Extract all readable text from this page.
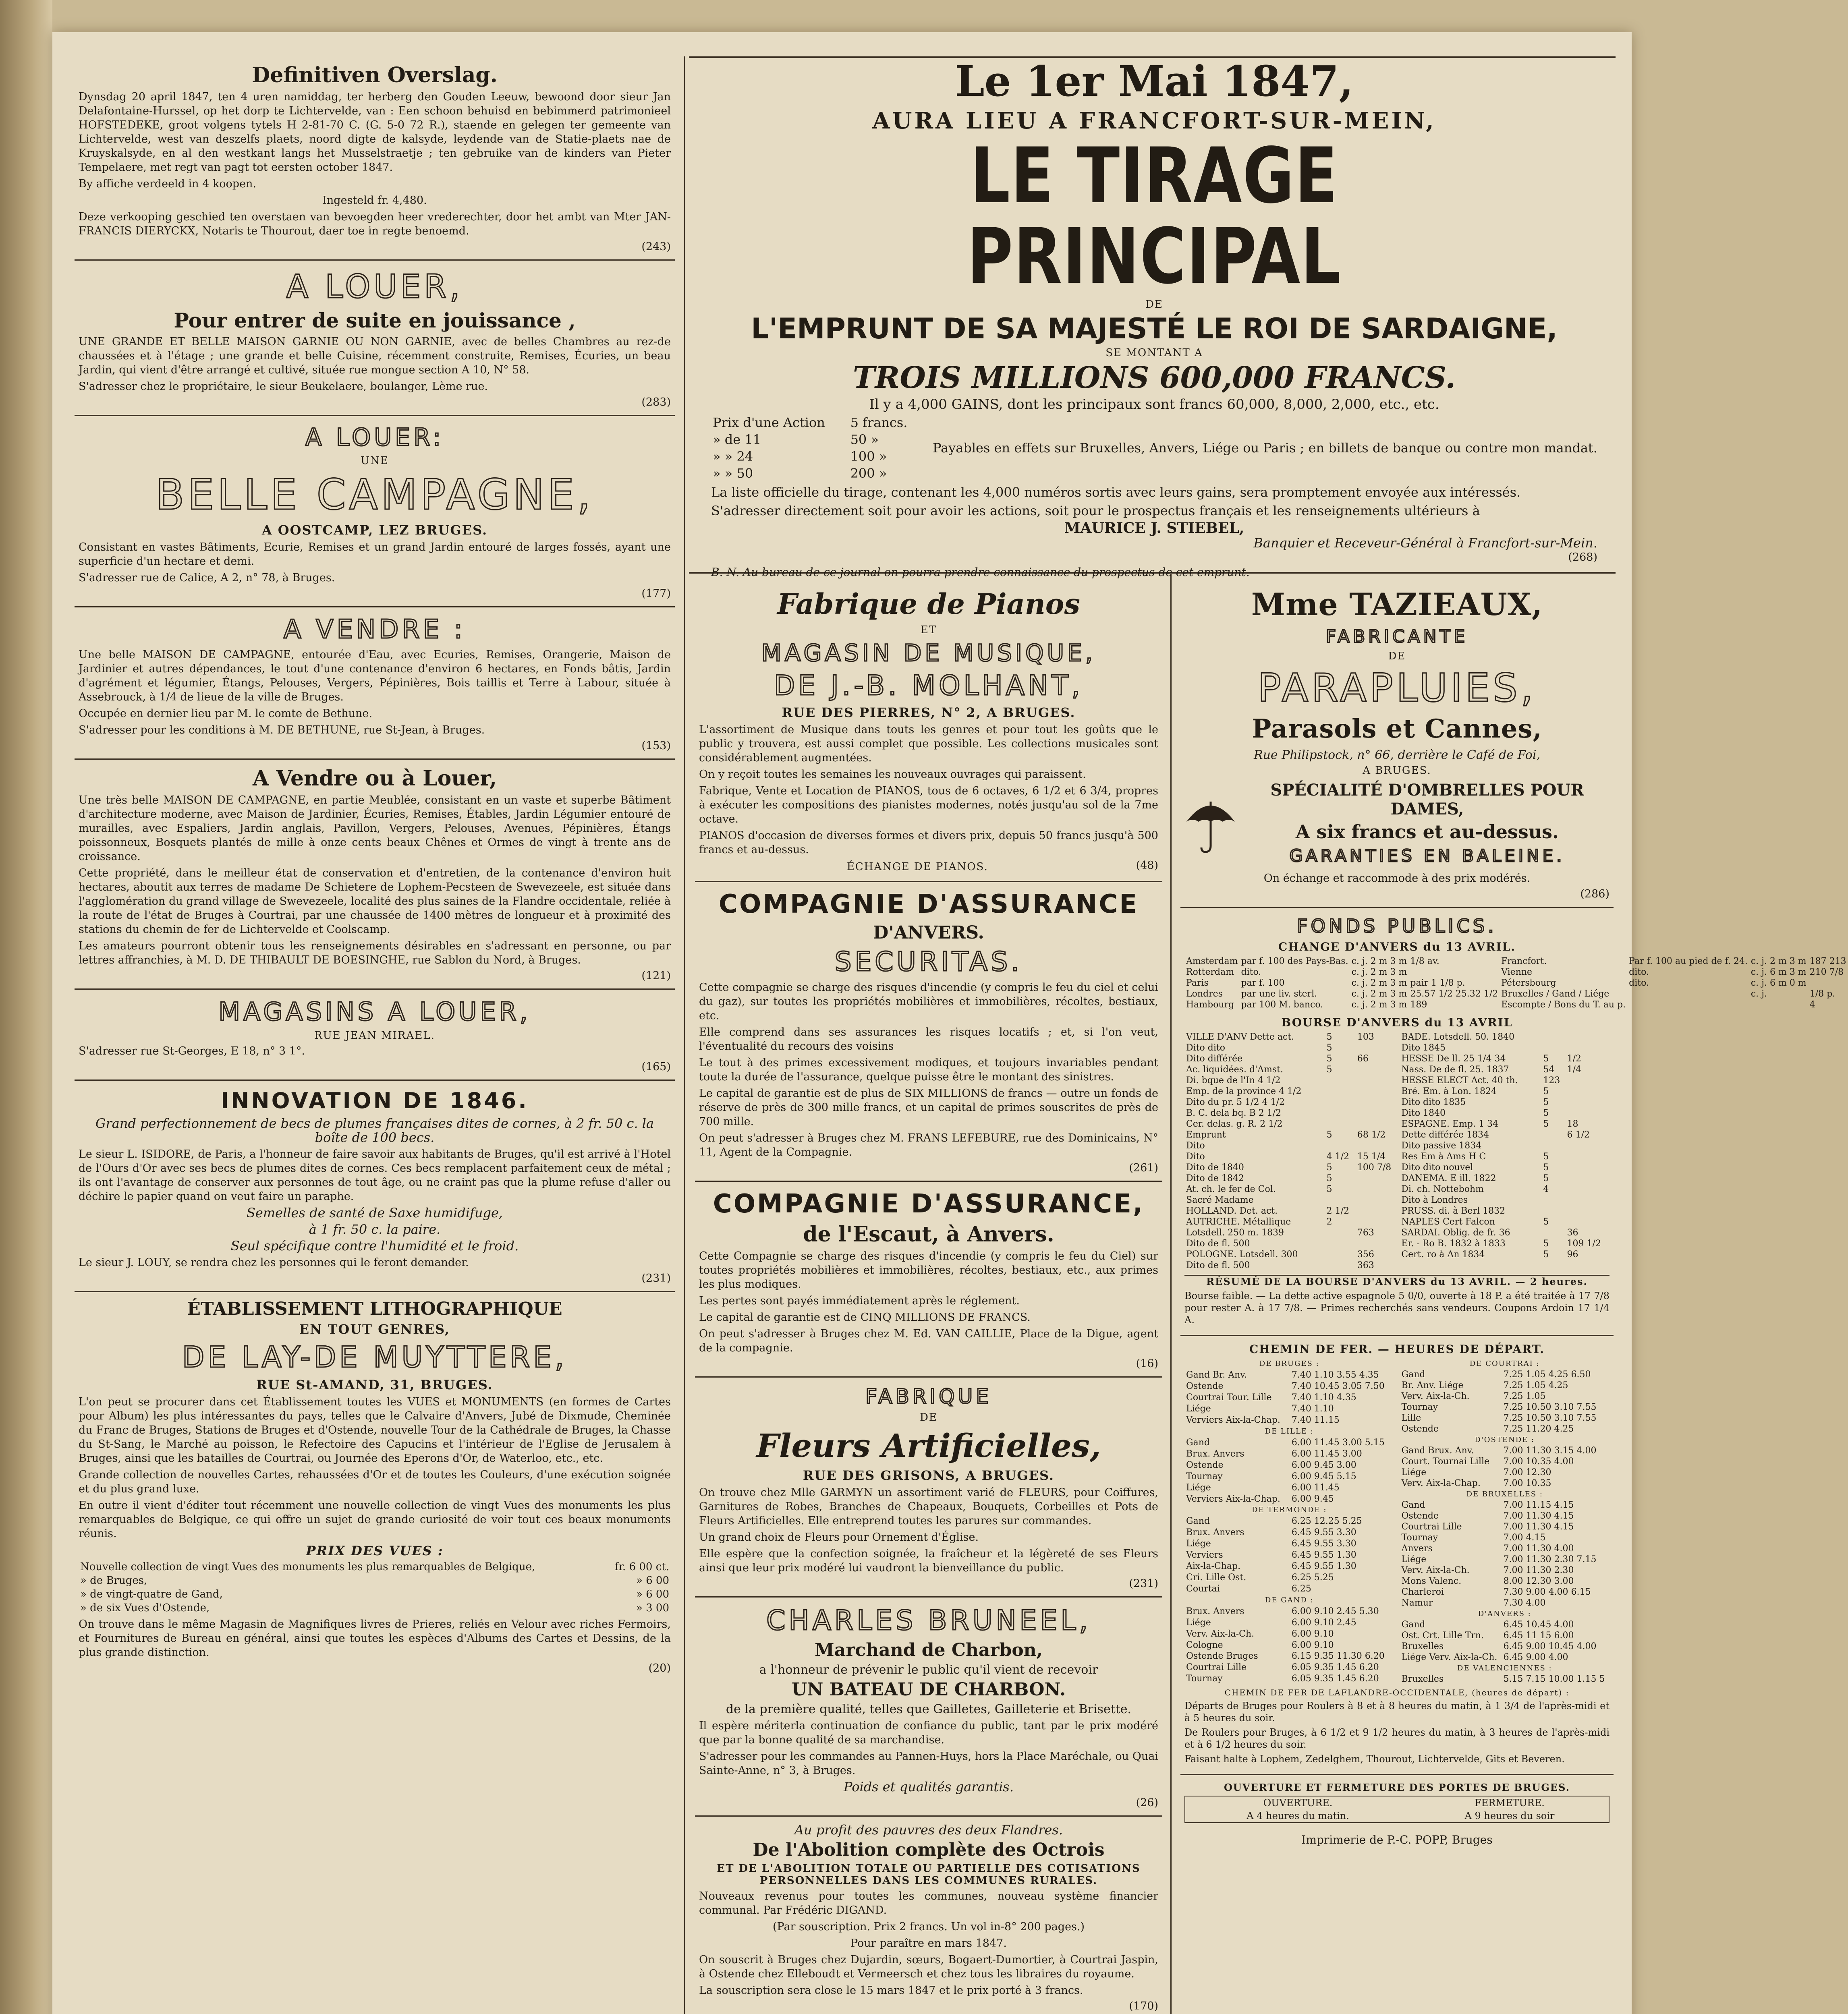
Definitiven Overslag.

Dynsdag 20 april 1847, ten 4 uren namiddag, ter herberg den Gouden Leeuw, bewoond door sieur Jan Delafontaine-Hurssel, op het dorp te Lichtervelde, van : Een schoon behuisd en bebimmerd patrimonieel HOFSTEDEKE, groot volgens tytels H 2-81-70 C. (G. 5-0 72 R.), staende en gelegen ter gemeente van Lichtervelde, west van deszelfs plaets, noord digte de kalsyde, leydende van de Statie-plaets nae de Kruyskalsyde, en al den westkant langs het Musselstraetje ; ten gebruike van de kinders van Pieter Tempelaere, met regt van pagt tot eersten october 1847.

By affiche verdeeld in 4 koopen.

Ingesteld fr. 4,480.

Deze verkooping geschied ten overstaen van bevoegden heer vrederechter, door het ambt van Mter JAN-FRANCIS DIERYCKX, Notaris te Thourout, daer toe in regte benoemd.

(243)
A LOUER,
Pour entrer de suite en jouissance ,

UNE GRANDE ET BELLE MAISON GARNIE OU NON GARNIE, avec de belles Chambres au rez-de chaussées et à l'étage ; une grande et belle Cuisine, récemment construite, Remises, Écuries, un beau Jardin, qui vient d'être arrangé et cultivé, située rue mongue section A 10, N° 58.

S'adresser chez le propriétaire, le sieur Beukelaere, boulanger, Lème rue.

(283)
A LOUER:
UNE
BELLE CAMPAGNE,
A OOSTCAMP, LEZ BRUGES.

Consistant en vastes Bâtiments, Ecurie, Remises et un grand Jardin entouré de larges fossés, ayant une superficie d'un hectare et demi.

S'adresser rue de Calice, A 2, n° 78, à Bruges.

(177)
A VENDRE :

Une belle MAISON DE CAMPAGNE, entourée d'Eau, avec Ecuries, Remises, Orangerie, Maison de Jardinier et autres dépendances, le tout d'une contenance d'environ 6 hectares, en Fonds bâtis, Jardin d'agrément et légumier, Étangs, Pelouses, Vergers, Pépinières, Bois taillis et Terre à Labour, située à Assebrouck, à 1/4 de lieue de la ville de Bruges.

Occupée en dernier lieu par M. le comte de Bethune.

S'adresser pour les conditions à M. DE BETHUNE, rue St-Jean, à Bruges.

(153)
A Vendre ou à Louer,

Une très belle MAISON DE CAMPAGNE, en partie Meublée, consistant en un vaste et superbe Bâtiment d'architecture moderne, avec Maison de Jardinier, Écuries, Remises, Étables, Jardin Légumier entouré de murailles, avec Espaliers, Jardin anglais, Pavillon, Vergers, Pelouses, Avenues, Pépinières, Étangs poissonneux, Bosquets plantés de mille à onze cents beaux Chênes et Ormes de vingt à trente ans de croissance.

Cette propriété, dans le meilleur état de conservation et d'entretien, de la contenance d'environ huit hectares, aboutit aux terres de madame De Schietere de Lophem-Pecsteen de Swevezeele, est située dans l'agglomération du grand village de Swevezeele, localité des plus saines de la Flandre occidentale, reliée à la route de l'état de Bruges à Courtrai, par une chaussée de 1400 mètres de longueur et à proximité des stations du chemin de fer de Lichtervelde et Coolscamp.

Les amateurs pourront obtenir tous les renseignements désirables en s'adressant en personne, ou par lettres affranchies, à M. D. DE THIBAULT DE BOESINGHE, rue Sablon du Nord, à Bruges.

(121)
MAGASINS A LOUER,
RUE JEAN MIRAEL.

S'adresser rue St-Georges, E 18, n° 3 1°.

(165)
INNOVATION DE 1846.

Grand perfectionnement de becs de plumes françaises dites de cornes, à 2 fr. 50 c. la boîte de 100 becs.

Le sieur L. ISIDORE, de Paris, a l'honneur de faire savoir aux habitants de Bruges, qu'il est arrivé à l'Hotel de l'Ours d'Or avec ses becs de plumes dites de cornes. Ces becs remplacent parfaitement ceux de métal ; ils ont l'avantage de conserver aux personnes de tout âge, ou ne craint pas que la plume refuse d'aller ou déchire le papier quand on veut faire un paraphe.

Semelles de santé de Saxe humidifuge,

à 1 fr. 50 c. la paire.

Seul spécifique contre l'humidité et le froid.

Le sieur J. LOUY, se rendra chez les personnes qui le feront demander.

(231)
ÉTABLISSEMENT LITHOGRAPHIQUE
EN TOUT GENRES,
DE LAY-DE MUYTTERE,
RUE St-AMAND, 31, BRUGES.

L'on peut se procurer dans cet Établissement toutes les VUES et MONUMENTS (en formes de Cartes pour Album) les plus intéressantes du pays, telles que le Calvaire d'Anvers, Jubé de Dixmude, Cheminée du Franc de Bruges, Stations de Bruges et d'Ostende, nouvelle Tour de la Cathédrale de Bruges, la Chasse du St-Sang, le Marché au poisson, le Refectoire des Capucins et l'intérieur de l'Eglise de Jerusalem à Bruges, ainsi que les batailles de Courtrai, ou Journée des Eperons d'Or, de Waterloo, etc., etc.

Grande collection de nouvelles Cartes, rehaussées d'Or et de toutes les Couleurs, d'une exécution soignée et du plus grand luxe.

En outre il vient d'éditer tout récemment une nouvelle collection de vingt Vues des monuments les plus remarquables de Belgique, ce qui offre un sujet de grande curiosité de voir tout ces beaux monuments réunis.

PRIX DES VUES :
Nouvelle collection de vingt Vues des monuments les plus remarquables de Belgique,	fr. 6 00 ct.
» de Bruges,	» 6 00
» de vingt-quatre de Gand,	» 6 00
» de six Vues d'Ostende,	» 3 00

On trouve dans le même Magasin de Magnifiques livres de Prieres, reliés en Velour avec riches Fermoirs, et Fournitures de Bureau en général, ainsi que toutes les espèces d'Albums des Cartes et Dessins, de la plus grande distinction.

(20)
Le 1er Mai 1847,
AURA LIEU A FRANCFORT-SUR-MEIN,
LE TIRAGE PRINCIPAL
DE
L'EMPRUNT DE SA MAJESTÉ LE ROI DE SARDAIGNE,
SE MONTANT A
TROIS MILLIONS 600,000 FRANCS.

Il y a 4,000 GAINS, dont les principaux sont francs 60,000, 8,000, 2,000, etc., etc.

Prix d'une Action	5 francs.
» de 11	50 »
» » 24	100 »
» » 50	200 »

Payables en effets sur Bruxelles, Anvers, Liége ou Paris ; en billets de banque ou contre mon mandat.

La liste officielle du tirage, contenant les 4,000 numéros sortis avec leurs gains, sera promptement envoyée aux intéressés.

S'adresser directement soit pour avoir les actions, soit pour le prospectus français et les renseignements ultérieurs à

MAURICE J. STIEBEL,

Banquier et Receveur-Général à Francfort-sur-Mein.

(268)

B. N. Au bureau de ce journal on pourra prendre connaissance du prospectus de cet emprunt.

Fabrique de Pianos
ET
MAGASIN DE MUSIQUE,
DE J.-B. MOLHANT,
RUE DES PIERRES, N° 2, A BRUGES.

L'assortiment de Musique dans touts les genres et pour tout les goûts que le public y trouvera, est aussi complet que possible. Les collections musicales sont considérablement augmentées.

On y reçoit toutes les semaines les nouveaux ouvrages qui paraissent.

Fabrique, Vente et Location de PIANOS, tous de 6 octaves, 6 1/2 et 6 3/4, propres à exécuter les compositions des pianistes modernes, notés jusqu'au sol de la 7me octave.

PIANOS d'occasion de diverses formes et divers prix, depuis 50 francs jusqu'à 500 francs et au-dessus.

ÉCHANGE DE PIANOS.	(48)
COMPAGNIE D'ASSURANCE
D'ANVERS.
SECURITAS.

Cette compagnie se charge des risques d'incendie (y compris le feu du ciel et celui du gaz), sur toutes les propriétés mobilières et immobilières, récoltes, bestiaux, etc.

Elle comprend dans ses assurances les risques locatifs ; et, si l'on veut, l'éventualité du recours des voisins

Le tout à des primes excessivement modiques, et toujours invariables pendant toute la durée de l'assurance, quelque puisse être le montant des sinistres.

Le capital de garantie est de plus de SIX MILLIONS de francs — outre un fonds de réserve de près de 300 mille francs, et un capital de primes souscrites de près de 700 mille.

On peut s'adresser à Bruges chez M. FRANS LEFEBURE, rue des Dominicains, N° 11, Agent de la Compagnie.

(261)
COMPAGNIE D'ASSURANCE,
de l'Escaut, à Anvers.

Cette Compagnie se charge des risques d'incendie (y compris le feu du Ciel) sur toutes propriétés mobilières et immobilières, récoltes, bestiaux, etc., aux primes les plus modiques.

Les pertes sont payés immédiatement après le réglement.

Le capital de garantie est de CINQ MILLIONS DE FRANCS.

On peut s'adresser à Bruges chez M. Ed. VAN CAILLIE, Place de la Digue, agent de la compagnie.

(16)
FABRIQUE
DE
Fleurs Artificielles,
RUE DES GRISONS, A BRUGES.

On trouve chez Mlle GARMYN un assortiment varié de FLEURS, pour Coiffures, Garnitures de Robes, Branches de Chapeaux, Bouquets, Corbeilles et Pots de Fleurs Artificielles. Elle entreprend toutes les parures sur commandes.

Un grand choix de Fleurs pour Ornement d'Église.

Elle espère que la confection soignée, la fraîcheur et la légèreté de ses Fleurs ainsi que leur prix modéré lui vaudront la bienveillance du public.

(231)
CHARLES BRUNEEL,
Marchand de Charbon,

a l'honneur de prévenir le public qu'il vient de recevoir

UN BATEAU DE CHARBON.

de la première qualité, telles que Gailletes, Gailleterie et Brisette.

Il espère mériterla continuation de confiance du public, tant par le prix modéré que par la bonne qualité de sa marchandise.

S'adresser pour les commandes au Pannen-Huys, hors la Place Maréchale, ou Quai Sainte-Anne, n° 3, à Bruges.

Poids et qualités garantis.

(26)

Au profit des pauvres des deux Flandres.

De l'Abolition complète des Octrois
ET DE L'ABOLITION TOTALE OU PARTIELLE DES COTISATIONS PERSONNELLES DANS LES COMMUNES RURALES.

Nouveaux revenus pour toutes les communes, nouveau système financier communal. Par Frédéric DIGAND.

(Par souscription. Prix 2 francs. Un vol in-8° 200 pages.)

Pour paraître en mars 1847.

On souscrit à Bruges chez Dujardin, sœurs, Bogaert-Dumortier, à Courtrai Jaspin, à Ostende chez Elleboudt et Vermeersch et chez tous les libraires du royaume.

La souscription sera close le 15 mars 1847 et le prix porté à 3 francs.

(170)
Mme TAZIEAUX,
FABRICANTE
DE
PARAPLUIES,
Parasols et Cannes,

Rue Philipstock, n° 66, derrière le Café de Foi,

A BRUGES.
SPÉCIALITÉ D'OMBRELLES POUR DAMES,
A six francs et au-dessus.
GARANTIES EN BALEINE.

On échange et raccommode à des prix modérés.

(286)
FONDS PUBLICS.
CHANGE D'ANVERS du 13 AVRIL.
Amsterdam	par f. 100 des Pays-Bas.	c. j. 2 m 3 m	1/8 av.	Francfort.	Par f. 100 au pied de f. 24.	c. j. 2 m 3 m	187 213
Rotterdam	dito.	c. j. 2 m 3 m		Vienne	dito.	c. j. 6 m 3 m	210 7/8
Paris	par f. 100	c. j. 2 m 3 m	pair 1 1/8 p.	Pétersbourg	dito.	c. j. 6 m 0 m	
Londres	par une liv. sterl.	c. j. 2 m 3 m	25.57 1/2 25.32 1/2	Bruxelles / Gand / Liége		c. j.	1/8 p.
Hambourg	par 100 M. banco.	c. j. 2 m 3 m	189	Escompte / Bons du T. au p.			4
BOURSE D'ANVERS du 13 AVRIL
VILLE D'ANV Dette act.	5	103	BADE. Lotsdell. 50. 1840		
Dito dito	5		Dito 1845		
Dito différée	5	66	HESSE De ll. 25 1/4 34	5	1/2
Ac. liquidées. d'Amst.	5		Nass. De de fl. 25. 1837	54	1/4
Di. bque de l'In 4 1/2			HESSE ELECT Act. 40 th.	123	
Emp. de la province 4 1/2			Bré. Em. à Lon. 1824	5	
Dito du pr. 5 1/2 4 1/2			Dito dito 1835	5	
B. C. dela bq. B 2 1/2			Dito 1840	5	
Cer. delas. g. R. 2 1/2			ESPAGNE. Emp. 1 34	5	18
Emprunt	5	68 1/2	Dette différée 1834		6 1/2
Dito			Dito passive 1834		
Dito	4 1/2	15 1/4	Res Em à Ams H C	5	
Dito de 1840	5	100 7/8	Dito dito nouvel	5	
Dito de 1842	5		DANEMA. E ill. 1822	5	
At. ch. le fer de Col.	5		Di. ch. Nottebohm	4	
Sacré Madame			Dito à Londres		
HOLLAND. Det. act.	2 1/2		PRUSS. di. à Berl 1832		
AUTRICHE. Métallique	2		NAPLES Cert Falcon	5	
Lotsdell. 250 m. 1839		763	SARDAI. Oblig. de fr. 36		36
Dito de fl. 500			Er. - Ro B. 1832 à 1833	5	109 1/2
POLOGNE. Lotsdell. 300		356	Cert. ro à An 1834	5	96
Dito de fl. 500		363			
RÉSUMÉ DE LA BOURSE D'ANVERS du 13 AVRIL. — 2 heures.

Bourse faible. — La dette active espagnole 5 0/0, ouverte à 18 P. a été traitée à 17 7/8 pour rester A. à 17 7/8. — Primes recherchés sans vendeurs. Coupons Ardoin 17 1/4 A.

CHEMIN DE FER. — HEURES DE DÉPART.
DE BRUGES :	
Gand Br. Anv.	7.40 1.10 3.55 4.35
Ostende	7.40 10.45 3.05 7.50
Courtrai Tour. Lille	7.40 1.10 4.35
Liége	7.40 1.10
Verviers Aix-la-Chap.	7.40 11.15
DE LILLE :	
Gand	6.00 11.45 3.00 5.15
Brux. Anvers	6.00 11.45 3.00
Ostende	6.00 9.45 3.00
Tournay	6.00 9.45 5.15
Liége	6.00 11.45
Verviers Aix-la-Chap.	6.00 9.45
DE TERMONDE :	
Gand	6.25 12.25 5.25
Brux. Anvers	6.45 9.55 3.30
Liége	6.45 9.55 3.30
Verviers	6.45 9.55 1.30
Aix-la-Chap.	6.45 9.55 1.30
Cri. Lille Ost.	6.25 5.25
Courtai	6.25
DE GAND :	
Brux. Anvers	6.00 9.10 2.45 5.30
Liége	6.00 9.10 2.45
Verv. Aix-la-Ch.	6.00 9.10
Cologne	6.00 9.10
Ostende Bruges	6.15 9.35 11.30 6.20
Courtrai Lille	6.05 9.35 1.45 6.20
Tournay	6.05 9.35 1.45 6.20
DE COURTRAI :	
Gand	7.25 1.05 4.25 6.50
Br. Anv. Liége	7.25 1.05 4.25
Verv. Aix-la-Ch.	7.25 1.05
Tournay	7.25 10.50 3.10 7.55
Lille	7.25 10.50 3.10 7.55
Ostende	7.25 11.20 4.25
D'OSTENDE :	
Gand Brux. Anv.	7.00 11.30 3.15 4.00
Court. Tournai Lille	7.00 10.35 4.00
Liége	7.00 12.30
Verv. Aix-la-Chap.	7.00 10.35
DE BRUXELLES :	
Gand	7.00 11.15 4.15
Ostende	7.00 11.30 4.15
Courtrai Lille	7.00 11.30 4.15
Tournay	7.00 4.15
Anvers	7.00 11.30 4.00
Liége	7.00 11.30 2.30 7.15
Verv. Aix-la-Ch.	7.00 11.30 2.30
Mons Valenc.	8.00 12.30 3.00
Charleroi	7.30 9.00 4.00 6.15
Namur	7.30 4.00
D'ANVERS :	
Gand	6.45 10.45 4.00
Ost. Crt. Lille Trn.	6.45 11 15 6.00
Bruxelles	6.45 9.00 10.45 4.00
Liége Verv. Aix-la-Ch.	6.45 9.00 4.00
DE VALENCIENNES :	
Bruxelles	5.15 7.15 10.00 1.15 5
CHEMIN DE FER DE LAFLANDRE-OCCIDENTALE, (heures de départ) :

Départs de Bruges pour Roulers à 8 et à 8 heures du matin, à 1 3/4 de l'après-midi et à 5 heures du soir.

De Roulers pour Bruges, à 6 1/2 et 9 1/2 heures du matin, à 3 heures de l'après-midi et à 6 1/2 heures du soir.

Faisant halte à Lophem, Zedelghem, Thourout, Lichtervelde, Gits et Beveren.

OUVERTURE ET FERMETURE DES PORTES DE BRUGES.
OUVERTURE.	FERMETURE.
A 4 heures du matin.	A 9 heures du soir

Imprimerie de P.-C. POPP, Bruges
